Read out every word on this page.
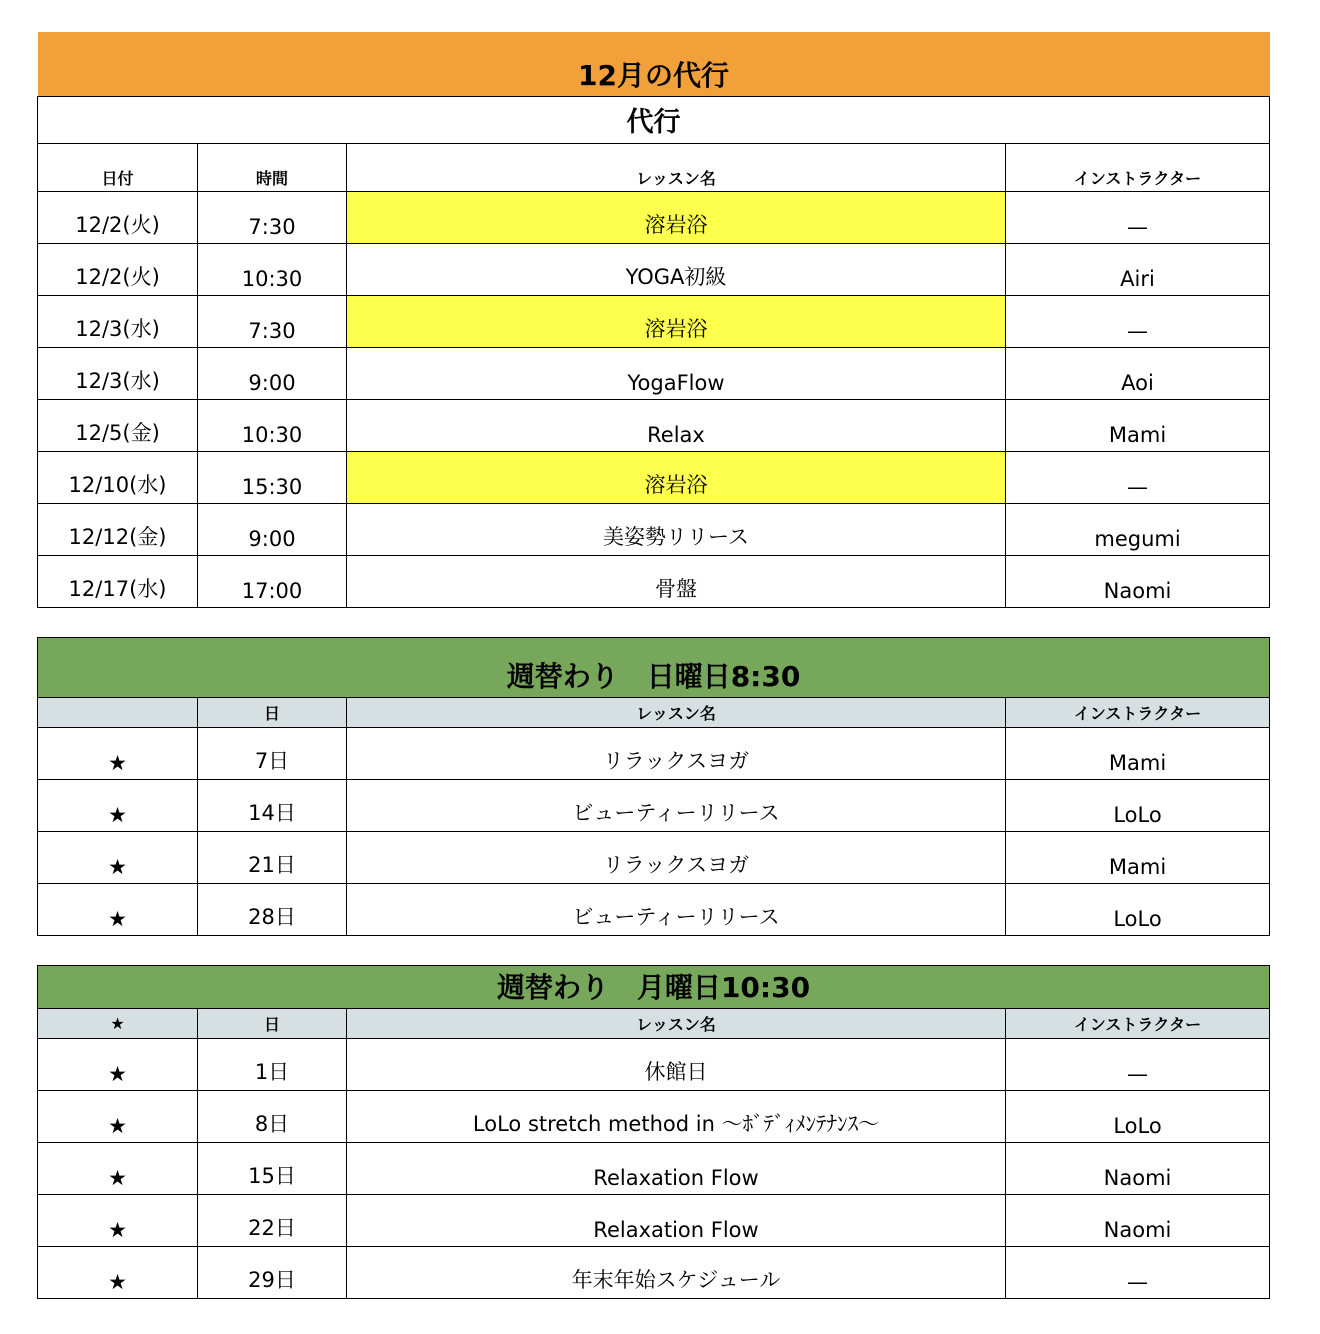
12月の代行			
代行			
日付	時間	レッスン名	インストラクター
12/2(火)	7:30	溶岩浴	—
12/2(火)	10:30	YOGA初級	Airi
12/3(水)	7:30	溶岩浴	—
12/3(水)	9:00	YogaFlow	Aoi
12/5(金)	10:30	Relax	Mami
12/10(水)	15:30	溶岩浴	—
12/12(金)	9:00	美姿勢リリース	megumi
12/17(水)	17:00	骨盤	Naomi
週替わり　日曜日8:30			
	日	レッスン名	インストラクター
★	7日	リラックスヨガ	Mami
★	14日	ビューティーリリース	LoLo
★	21日	リラックスヨガ	Mami
★	28日	ビューティーリリース	LoLo
週替わり　月曜日10:30			
★	日	レッスン名	インストラクター
★	1日	休館日	—
★	8日	LoLo stretch method in 〜ﾎﾞﾃﾞｨﾒﾝﾃﾅﾝｽ〜	LoLo
★	15日	Relaxation Flow	Naomi
★	22日	Relaxation Flow	Naomi
★	29日	年末年始スケジュール	—
